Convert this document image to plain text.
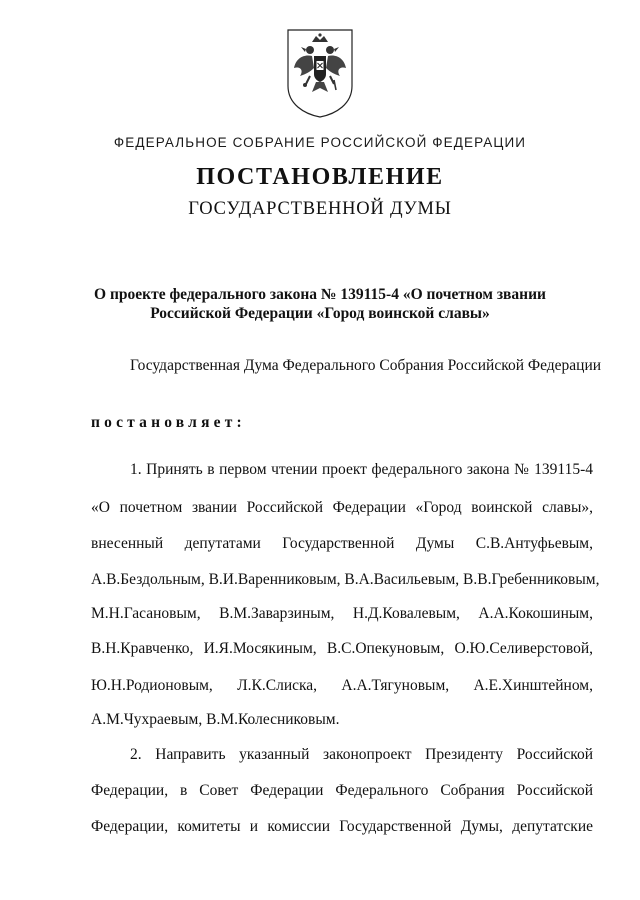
ФЕДЕРАЛЬНОЕ СОБРАНИЕ РОССИЙСКОЙ ФЕДЕРАЦИИ
ПОСТАНОВЛЕНИЕ
ГОСУДАРСТВЕННОЙ ДУМЫ
О проекте федерального закона № 139115-4 «О почетном звании
Российской Федерации «Город воинской славы»
Государственная Дума Федерального Собрания Российской Федерации
постановляет:
1. Принять в первом чтении проект федерального закона № 139115-4
«О почетном звании Российской Федерации «Город воинской славы»,
внесенный депутатами Государственной Думы С.В.Антуфьевым,
А.В.Бездольным, В.И.Варенниковым, В.А.Васильевым, В.В.Гребенниковым,
М.Н.Гасановым, В.М.Заварзиным, Н.Д.Ковалевым, А.А.Кокошиным,
В.Н.Кравченко, И.Я.Мосякиным, В.С.Опекуновым, О.Ю.Селиверстовой,
Ю.Н.Родионовым, Л.К.Слиска, А.А.Тягуновым, А.Е.Хинштейном,
А.М.Чухраевым, В.М.Колесниковым.
2. Направить указанный законопроект Президенту Российской
Федерации, в Совет Федерации Федерального Собрания Российской
Федерации, комитеты и комиссии Государственной Думы, депутатские
